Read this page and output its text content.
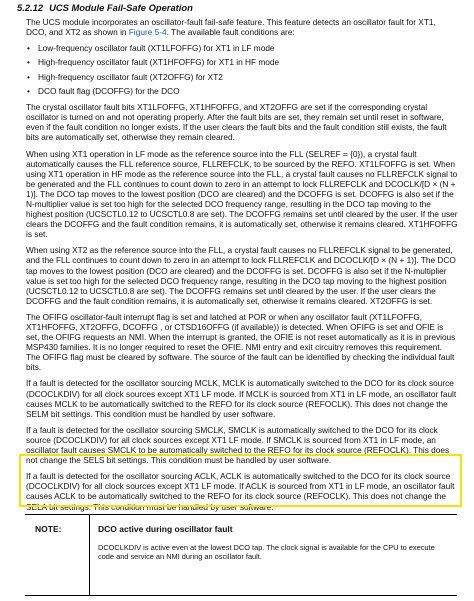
5.2.12 UCS Module Fail-Safe Operation

The UCS module incorporates an oscillator-fault fail-safe feature. This feature detects an oscillator fault for XT1, DCO, and XT2 as shown in Figure 5-4. The available fault conditions are:

• Low-frequency oscillator fault (XT1LFOFFG) for XT1 in LF mode
• High-frequency oscillator fault (XT1HFOFFG) for XT1 in HF mode
• High-frequency oscillator fault (XT2OFFG) for XT2
• DCO fault flag (DCOFFG) for the DCO

The crystal oscillator fault bits XT1LFOFFG, XT1HFOFFG, and XT2OFFG are set if the corresponding crystal oscillator is turned on and not operating properly. After the fault bits are set, they remain set until reset in software, even if the fault condition no longer exists. If the user clears the fault bits and the fault condition still exists, the fault bits are automatically set, otherwise they remain cleared.

When using XT1 operation in LF mode as the reference source into the FLL (SELREF = {0}), a crystal fault automatically causes the FLL reference source, FLLREFCLK, to be sourced by the REFO. XT1LFOFFG is set. When using XT1 operation in HF mode as the reference source into the FLL, a crystal fault causes no FLLREFCLK signal to be generated and the FLL continues to count down to zero in an attempt to lock FLLREFCLK and DCOCLK/[D × (N + 1)]. The DCO tap moves to the lowest position (DCO are cleared) and the DCOFFG is set. DCOFFG is also set if the N-multiplier value is set too high for the selected DCO frequency range, resulting in the DCO tap moving to the highest position (UCSCTL0.12 to UCSCTL0.8 are set). The DCOFFG remains set until cleared by the user. If the user clears the DCOFFG and the fault condition remains, it is automatically set, otherwise it remains cleared. XT1HFOFFG is set.

When using XT2 as the reference source into the FLL, a crystal fault causes no FLLREFCLK signal to be generated, and the FLL continues to count down to zero in an attempt to lock FLLREFCLK and DCOCLK/[D × (N + 1)]. The DCO tap moves to the lowest position (DCO are cleared) and the DCOFFG is set. DCOFFG is also set if the N-multiplier value is set too high for the selected DCO frequency range, resulting in the DCO tap moving to the highest position (UCSCTL0.12 to UCSCTL0.8 are set). The DCOFFG remains set until cleared by the user. If the user clears the DCOFFG and the fault condition remains, it is automatically set, otherwise it remains cleared. XT2OFFG is set.

The OFIFG oscillator-fault interrupt flag is set and latched at POR or when any oscillator fault (XT1LFOFFG, XT1HFOFFG, XT2OFFG, DCOFFG , or CTSD16OFFG (if available)) is detected. When OFIFG is set and OFIE is set, the OFIFG requests an NMI. When the interrupt is granted, the OFIE is not reset automatically as it is in previous MSP430 families. It is no longer required to reset the OFIE. NMI entry and exit circuitry removes this requirement. The OFIFG flag must be cleared by software. The source of the fault can be identified by checking the individual fault bits.

If a fault is detected for the oscillator sourcing MCLK, MCLK is automatically switched to the DCO for its clock source (DCOCLKDIV) for all clock sources except XT1 LF mode. If MCLK is sourced from XT1 in LF mode, an oscillator fault causes MCLK to be automatically switched to the REFO for its clock source (REFOCLK). This does not change the SELM bit settings. This condition must be handled by user software.

If a fault is detected for the oscillator sourcing SMCLK, SMCLK is automatically switched to the DCO for its clock source (DCOCLKDIV) for all clock sources except XT1 LF mode. If SMCLK is sourced from XT1 in LF mode, an oscillator fault causes SMCLK to be automatically switched to the REFO for its clock source (REFOCLK). This does not change the SELS bit settings. This condition must be handled by user software.

If a fault is detected for the oscillator sourcing ACLK, ACLK is automatically switched to the DCO for its clock source (DCOCLKDIV) for all clock sources except XT1 LF mode. If ACLK is sourced from XT1 in LF mode, an oscillator fault causes ACLK to be automatically switched to the REFO for its clock source (REFOCLK). This does not change the SELA bit settings. This condition must be handled by user software.

NOTE:	DCO active during oscillator fault
DCOCLKDIV is active even at the lowest DCO tap. The clock signal is available for the CPU to execute code and service an NMI during an oscillator fault.
